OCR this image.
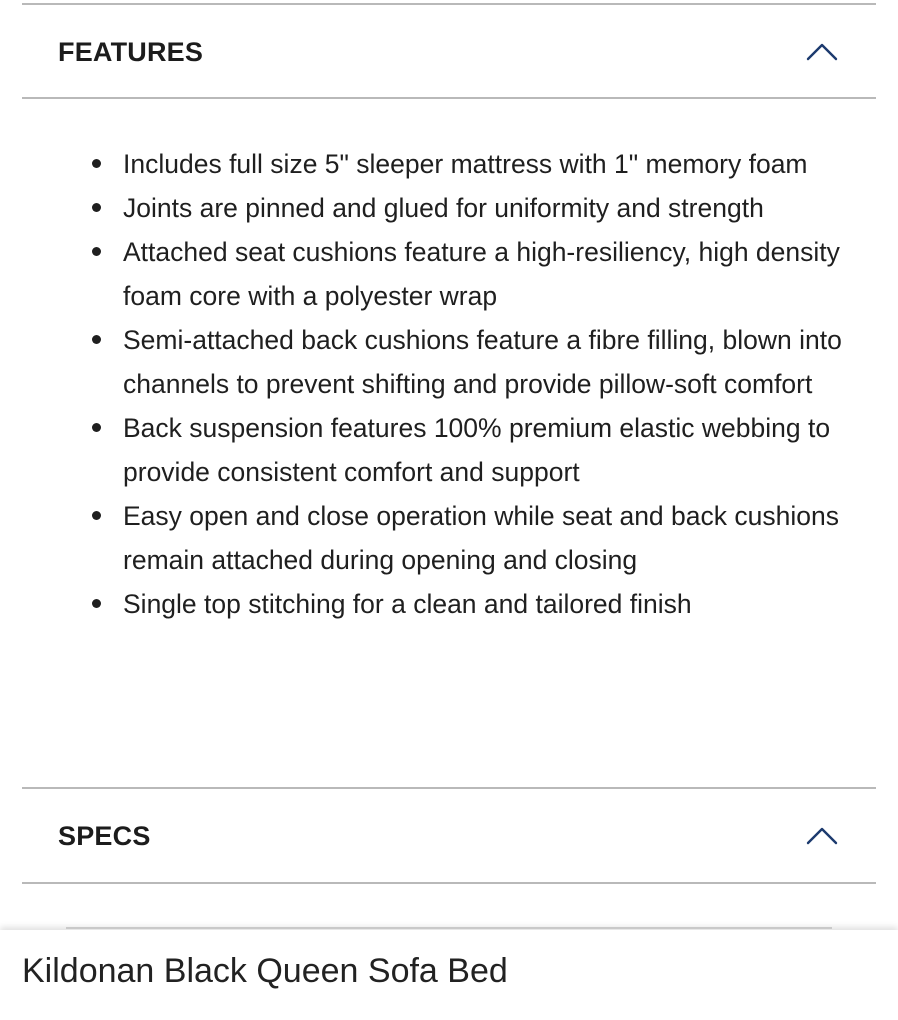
FEATURES
Includes full size 5" sleeper mattress with 1" memory foam
Joints are pinned and glued for uniformity and strength
Attached seat cushions feature a high-resiliency, high density foam core with a polyester wrap
Semi-attached back cushions feature a fibre filling, blown into channels to prevent shifting and provide pillow-soft comfort
Back suspension features 100% premium elastic webbing to provide consistent comfort and support
Easy open and close operation while seat and back cushions remain attached during opening and closing
Single top stitching for a clean and tailored finish
SPECS
Kildonan Black Queen Sofa Bed
